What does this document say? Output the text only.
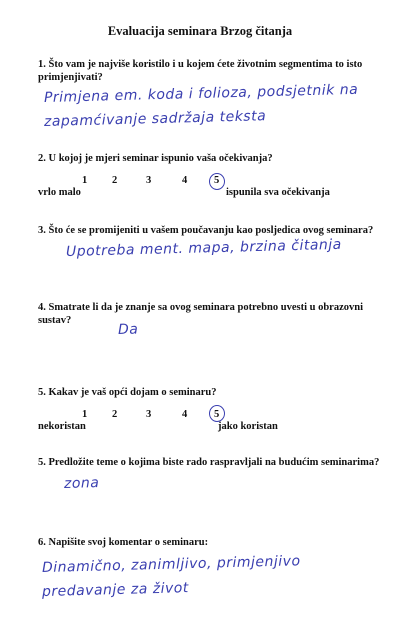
Evaluacija seminara Brzog čitanja
1. Što vam je najviše koristilo i u kojem ćete životnim segmentima to isto primjenjivati?
Primjena em. koda i folioza, podsjetnik na
zapamćivanje sadržaja teksta
2. U kojoj je mjeri seminar ispunio vaša očekivanja?
1 2	3	4	5
vrlo malo	ispunila sva očekivanja
3. Što će se promijeniti u vašem poučavanju kao posljedica ovog seminara?
Upotreba ment. mapa, brzina čitanja
4. Smatrate li da je znanje sa ovog seminara potrebno uvesti u obrazovni sustav?
Da
5. Kakav je vaš opći dojam o seminaru?
1 2	3	4	5
nekoristan	jako koristan
5. Predložite teme o kojima biste rado raspravljali na budućim seminarima?
zona
6. Napišite svoj komentar o seminaru:
Dinamično, zanimljivo, primjenjivo
predavanje za život
